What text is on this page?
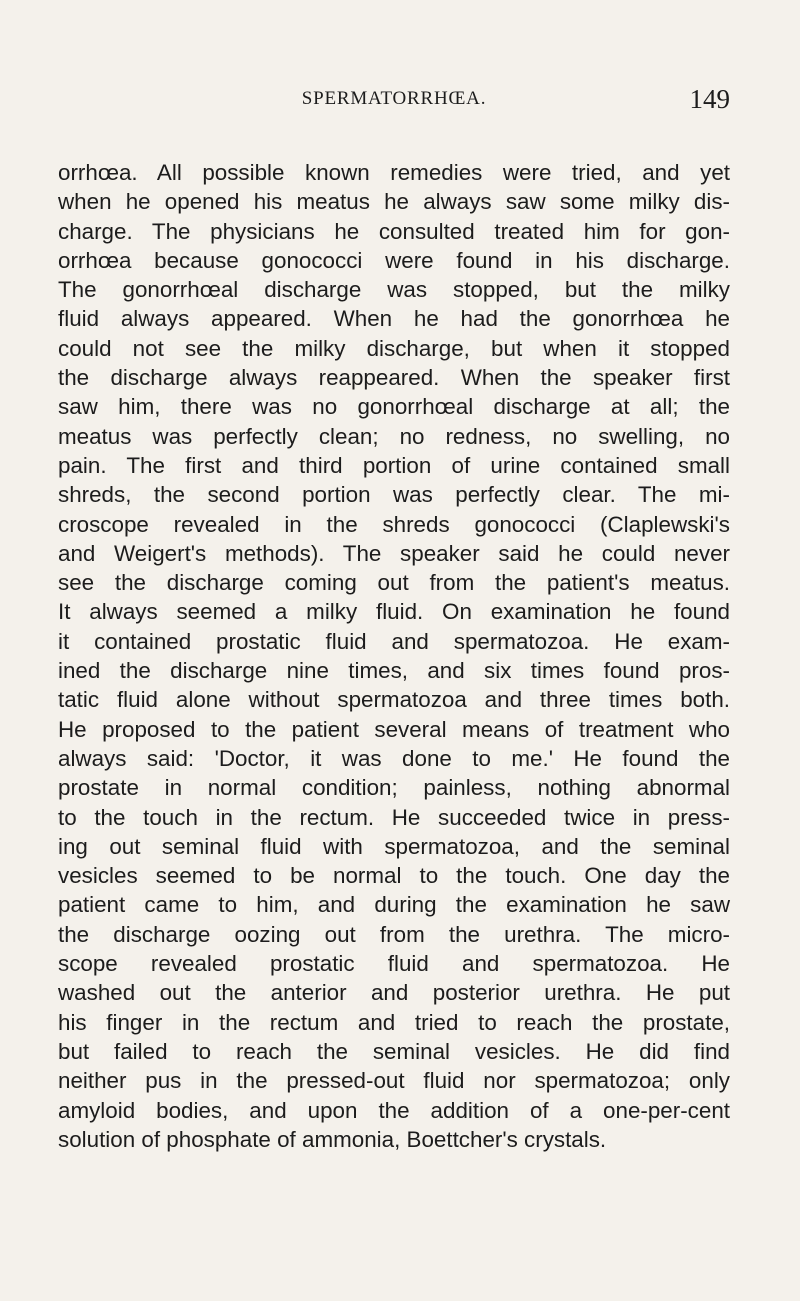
SPERMATORRHŒA.	149
orrhœa. All possible known remedies were tried, and yet
when he opened his meatus he always saw some milky dis-
charge. The physicians he consulted treated him for gon-
orrhœa because gonococci were found in his discharge.
The gonorrhœal discharge was stopped, but the milky
fluid always appeared. When he had the gonorrhœa he
could not see the milky discharge, but when it stopped
the discharge always reappeared. When the speaker first
saw him, there was no gonorrhœal discharge at all; the
meatus was perfectly clean; no redness, no swelling, no
pain. The first and third portion of urine contained small
shreds, the second portion was perfectly clear. The mi-
croscope revealed in the shreds gonococci (Claplewski's
and Weigert's methods). The speaker said he could never
see the discharge coming out from the patient's meatus.
It always seemed a milky fluid. On examination he found
it contained prostatic fluid and spermatozoa. He exam-
ined the discharge nine times, and six times found pros-
tatic fluid alone without spermatozoa and three times both.
He proposed to the patient several means of treatment who
always said: 'Doctor, it was done to me.' He found the
prostate in normal condition; painless, nothing abnormal
to the touch in the rectum. He succeeded twice in press-
ing out seminal fluid with spermatozoa, and the seminal
vesicles seemed to be normal to the touch. One day the
patient came to him, and during the examination he saw
the discharge oozing out from the urethra. The micro-
scope revealed prostatic fluid and spermatozoa. He
washed out the anterior and posterior urethra. He put
his finger in the rectum and tried to reach the prostate,
but failed to reach the seminal vesicles. He did find
neither pus in the pressed-out fluid nor spermatozoa; only
amyloid bodies, and upon the addition of a one-per-cent
solution of phosphate of ammonia, Boettcher's crystals.
